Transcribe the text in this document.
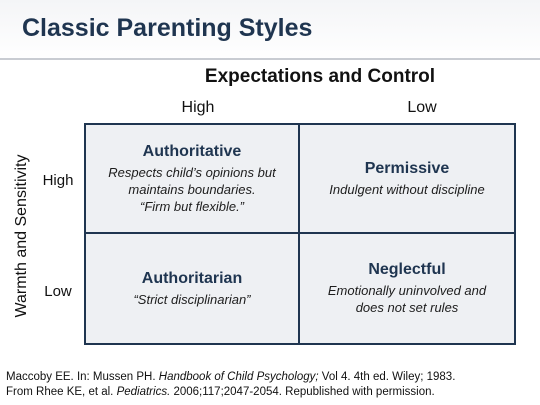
Classic Parenting Styles
Expectations and Control
High	Low
Warmth and Sensitivity High
Low
Authoritative
Respects child’s opinions but
maintains boundaries.
“Firm but flexible.”
Permissive
Indulgent without discipline
Authoritarian
“Strict disciplinarian”
Neglectful
Emotionally uninvolved and
does not set rules
Maccoby EE. In: Mussen PH. Handbook of Child Psychology; Vol 4. 4th ed. Wiley; 1983.
From Rhee KE, et al. Pediatrics. 2006;117;2047-2054. Republished with permission.
